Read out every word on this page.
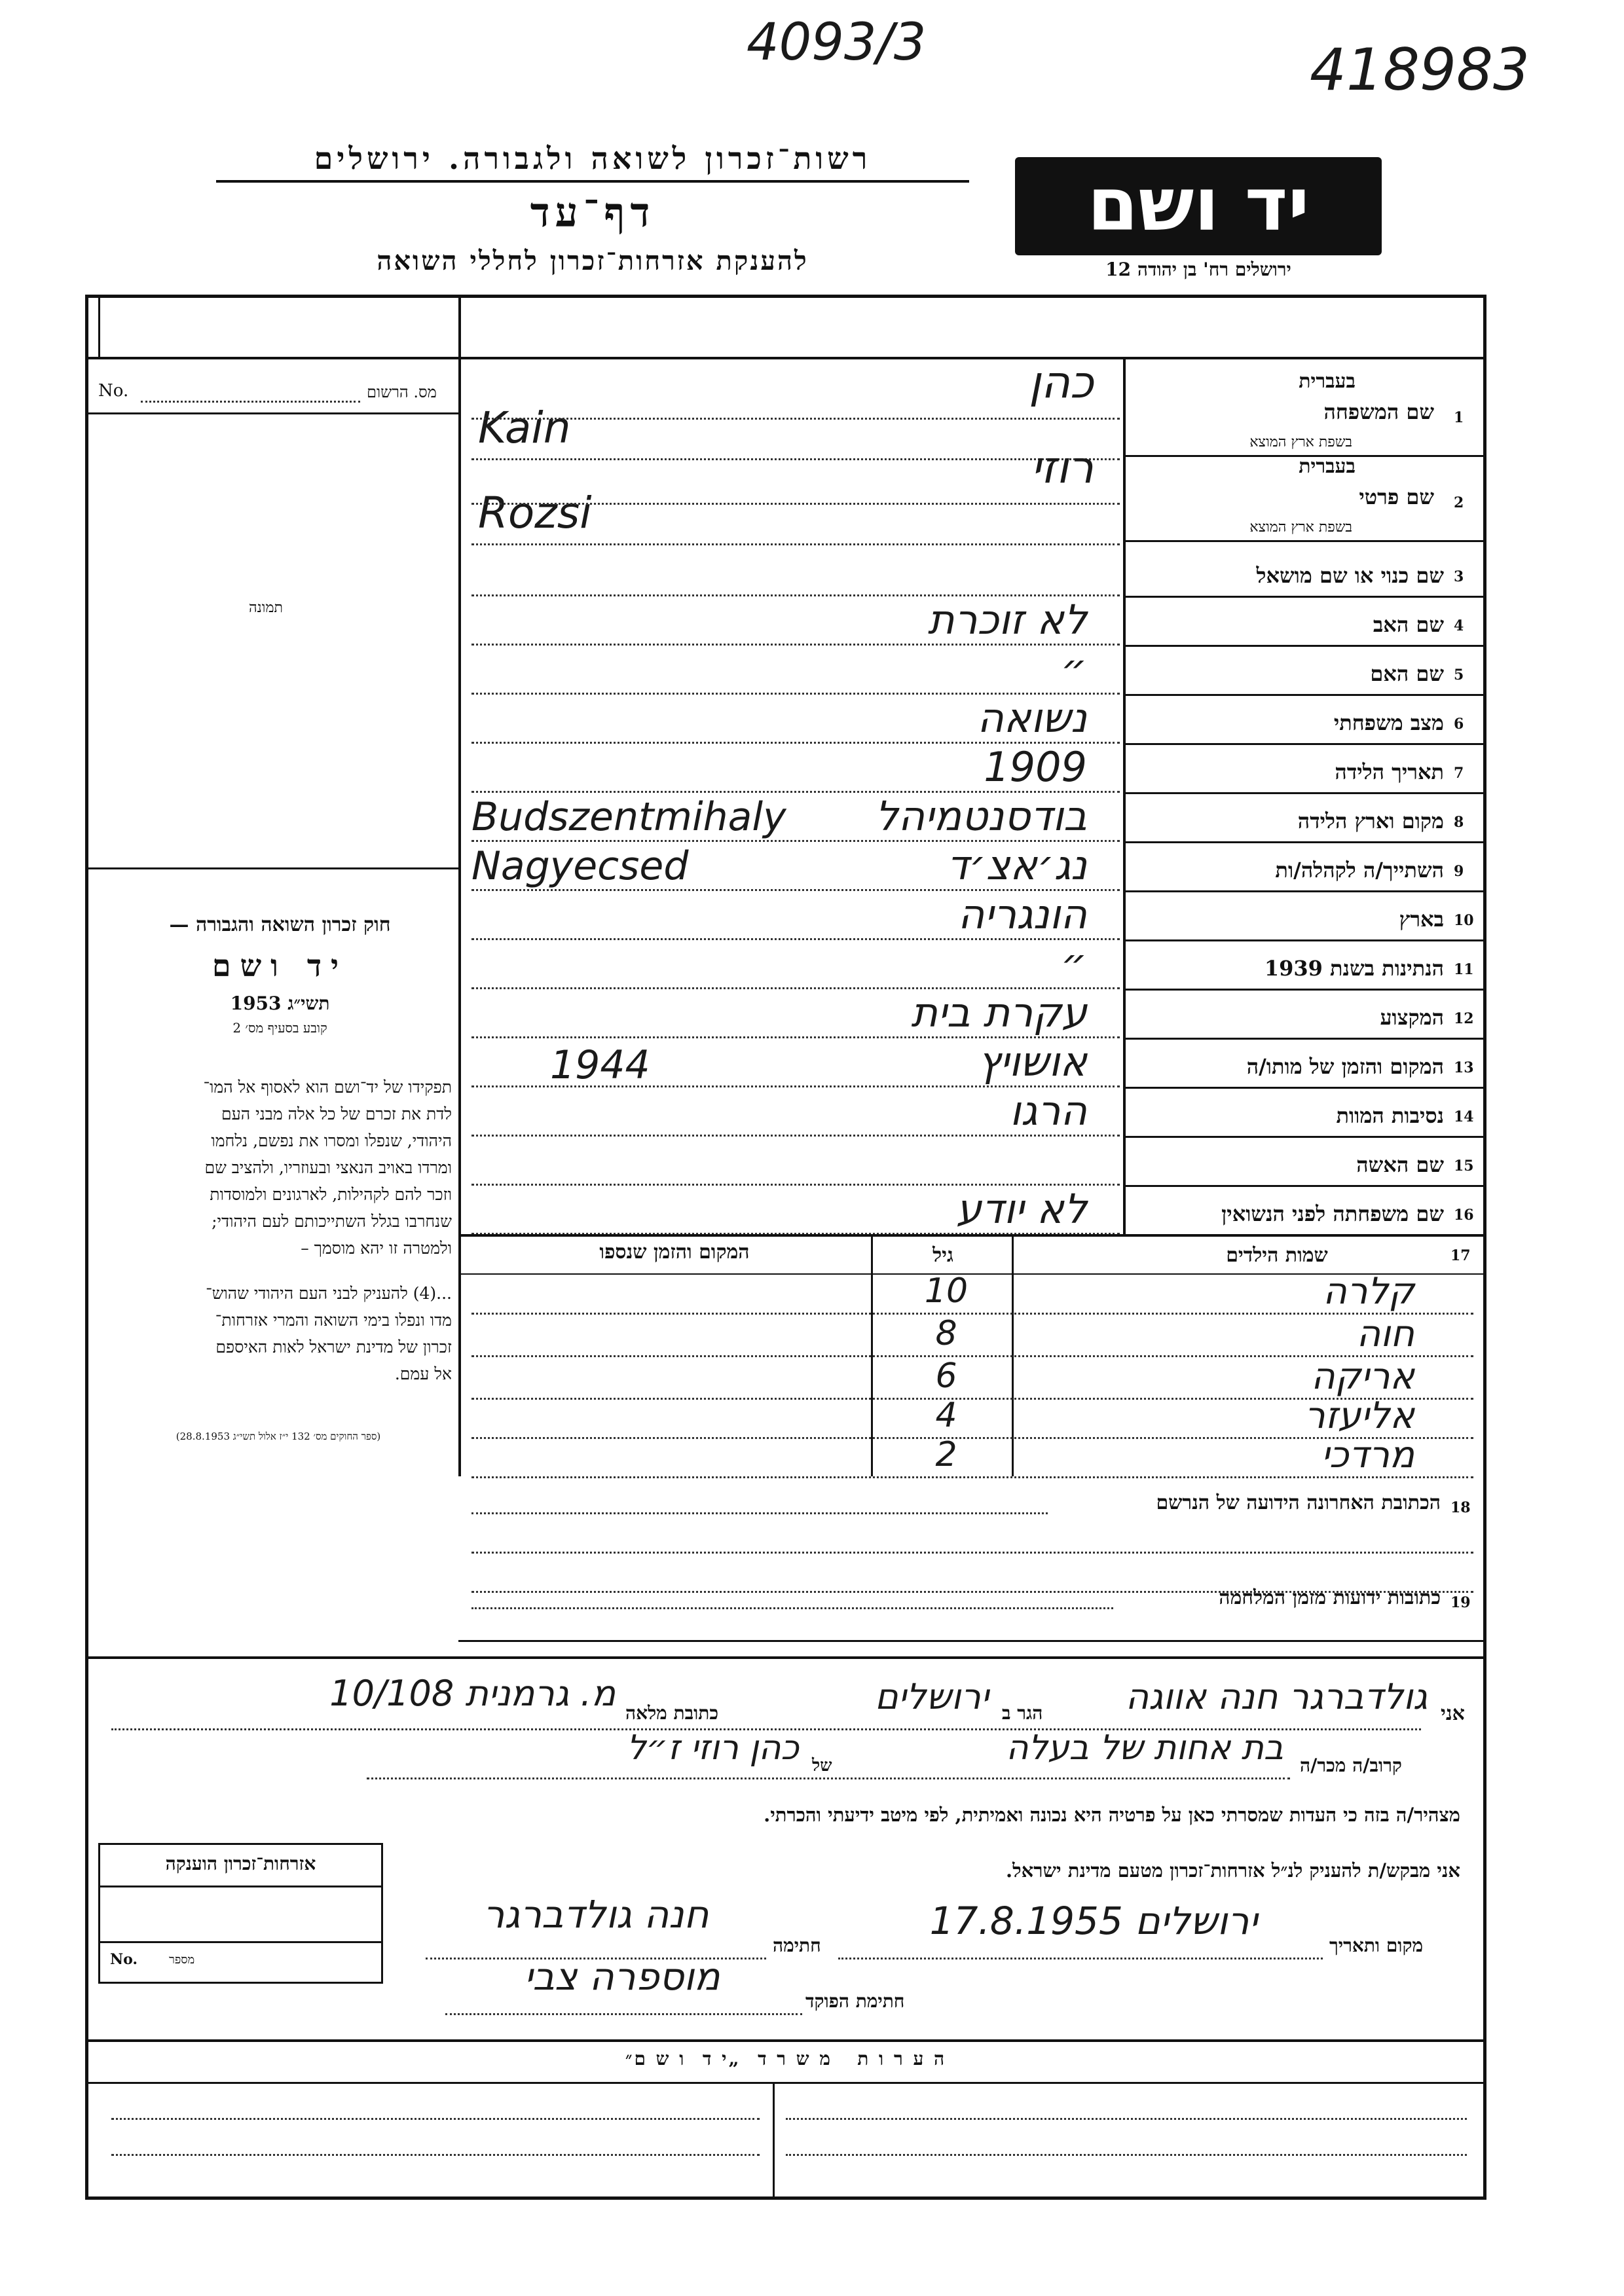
4093/3	418983
רשות־זכרון לשואה ולגבורה. ירושלים
דף־עד
להענקת אזרחות־זכרון לחללי השואה
יד ושם
ירושלים רח' בן יהודה 12
מס. הרשום
No.
תמונה

חוק זכרון השואה והגבורה —

יד ושם

תשי״ג 1953

קובע בסעיף מס׳ 2

תפקידו של יד־ושם הוא לאסוף אל המו־
לדת את זכרם של כל אלה מבני העם
היהודי, שנפלו ומסרו את נפשם, נלחמו
ומרדו באויב הנאצי ובעוזריו, ולהציב שם
וזכר להם לקהילות, לארגונים ולמוסדות
שנחרבו בגלל השתייכותם לעם היהודי;
ולמטרה זו יהא מוסמך –
...(4) להעניק לבני העם היהודי שהוש־
מדו ונפלו בימי השואה והמרי אזרחות־
זכרון של מדינת ישראל לאות האיספם
אל עמם.
(ספר החוקים מס׳ 132 י״ז אלול תשי״ג 28.8.1953)
1
שם המשפחה
בעברית
בשפת ארץ המוצא
כהן
Kain
2
שם פרטי
בעברית
בשפת ארץ המוצא
רוזי
Rozsi
3
שם כנוי או שם מושאל
4
שם האב
לא זוכרת
5
שם האם
״
6
מצב משפחתי
נשואה
7
תאריך הלידה
1909
8
מקום וארץ הלידה
Budszentmihaly	בודסנטמיהל
9
השתייך/ה לקהלה/ות
Nagyecsed	נג׳אצ׳ד
10
בארץ
הונגריה
11
הנתינות בשנת 1939
״
12
המקצוע
עקרת בית
13
המקום והזמן של מותו/ה
1944	אושויץ
14
נסיבות המוות
הרגו
15
שם האשה
16
שם משפחתה לפני הנשואין
לא יודע
17
שמות הילדים
גיל
המקום והזמן שנספו
קלרה
10
חוה
8
אריקה
6
אליעזר
4
מרדכי
2
18
הכתובת האחרונה הידועה של הנרשם
19
כתובות ידועות מזמן המלחמה
אני
גולדברגר חנה אווגה
הגר ב
ירושלים
כתובת מלאה
מ. גרמנית 10/108
קרוב/ה מכר/ה
בת אחות של בעלה
של
כהן רוזי ז״ל
מצהיר/ה בזה כי העדות שמסרתי כאן על פרטיה היא נכונה ואמיתית, לפי מיטב ידיעתי והכרתי.
אני מבקש/ת להעניק לנ״ל אזרחות־זכרון מטעם מדינת ישראל.
אזרחות־זכרון הוענקה
No.	מספר
מקום ותאריך
ירושלים 17.8.1955
חתימה
חנה גולדברגר
חתימת הפוקד
מוספרה צבי
ה ע ר ו ת   מ ש ר ד  „י ד  ו ש ם״
